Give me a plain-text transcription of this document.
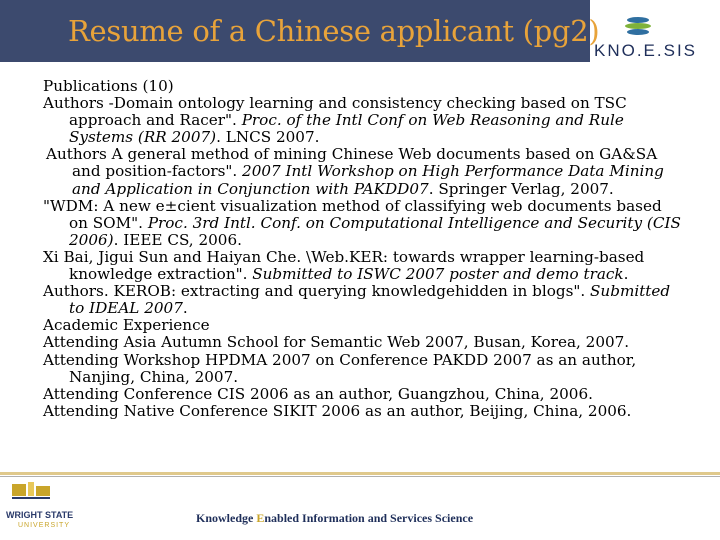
Resume of a Chinese applicant (pg2)
KNO.E.SIS

Publications (10)

Authors -Domain ontology learning and consistency checking based on TSC approach and Racer". Proc. of the Intl Conf on Web Reasoning and Rule Systems (RR 2007). LNCS 2007.

Authors A general method of mining Chinese Web documents based on GA&SA and position-factors". 2007 Intl Workshop on High Performance Data Mining and Application in Conjunction with PAKDD07. Springer Verlag, 2007.

"WDM: A new e±cient visualization method of classifying web documents based on SOM". Proc. 3rd Intl. Conf. on Computational Intelligence and Security (CIS 2006). IEEE CS, 2006.

Xi Bai, Jigui Sun and Haiyan Che. \Web.KER: towards wrapper learning-based knowledge extraction". Submitted to ISWC 2007 poster and demo track.

Authors. KEROB: extracting and querying knowledgehidden in blogs". Submitted to IDEAL 2007.

Academic Experience

Attending Asia Autumn School for Semantic Web 2007, Busan, Korea, 2007.

Attending Workshop HPDMA 2007 on Conference PAKDD 2007 as an author, Nanjing, China, 2007.

Attending Conference CIS 2006 as an author, Guangzhou, China, 2006.

Attending Native Conference SIKIT 2006 as an author, Beijing, China, 2006.

WRIGHT STATE
UNIVERSITY
Knowledge Enabled Information and Services Science
